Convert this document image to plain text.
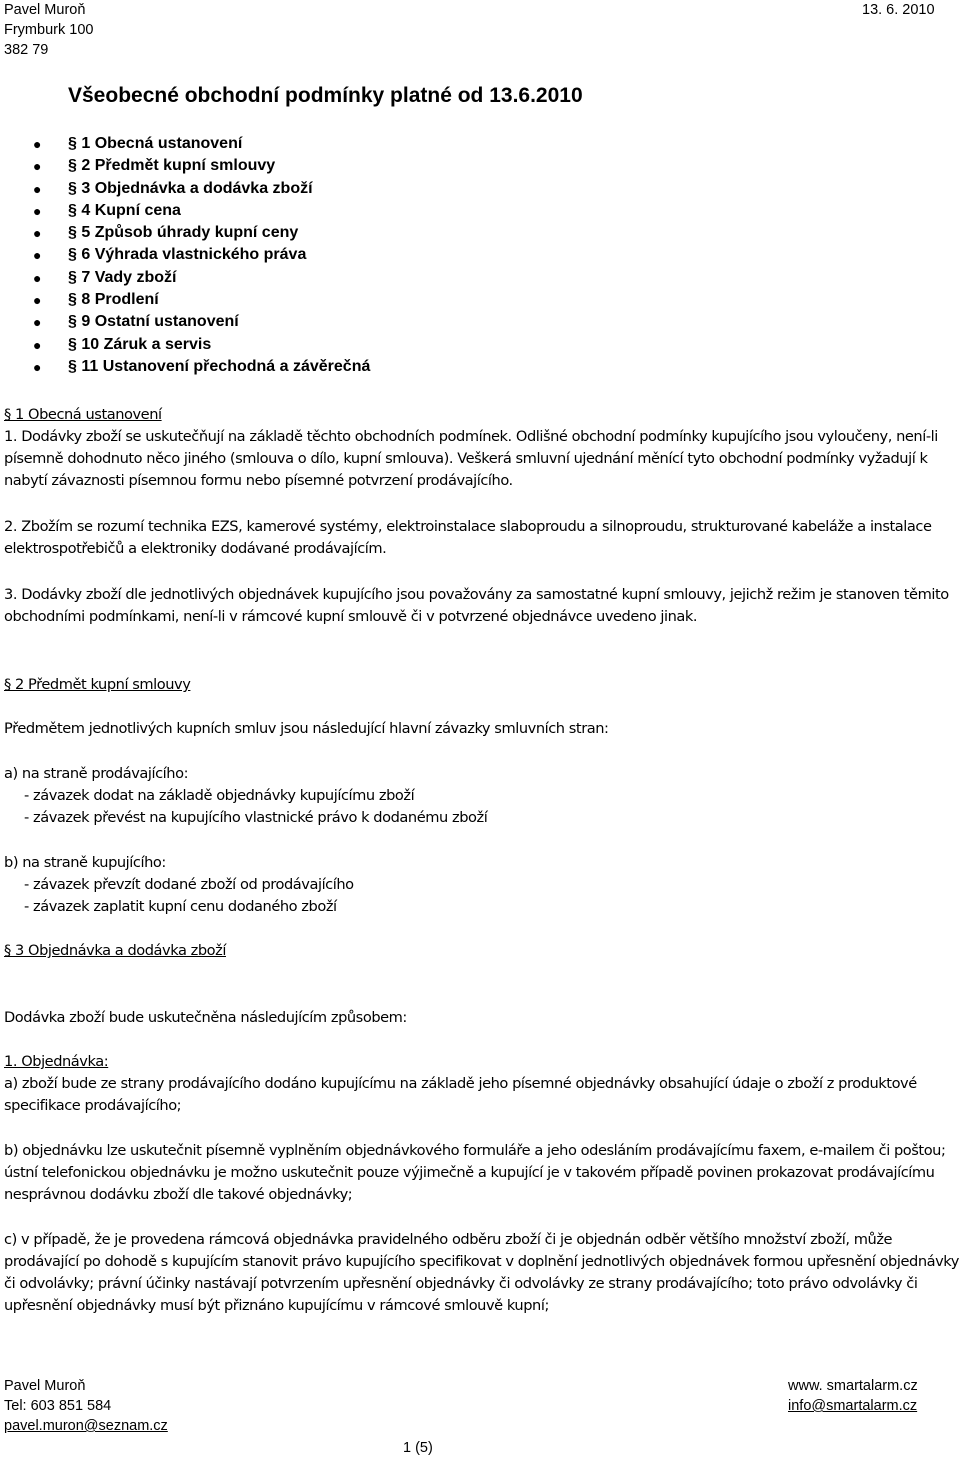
Pavel Muroň
Frymburk 100
382 79
13. 6. 2010
Všeobecné obchodní podmínky platné od 13.6.2010
● § 1 Obecná ustanovení
● § 2 Předmět kupní smlouvy
● § 3 Objednávka a dodávka zboží
● § 4 Kupní cena
● § 5 Způsob úhrady kupní ceny
● § 6 Výhrada vlastnického práva
● § 7 Vady zboží
● § 8 Prodlení
● § 9 Ostatní ustanovení
● § 10 Záruk a servis
● § 11 Ustanovení přechodná a závěrečná
§ 1 Obecná ustanovení
1. Dodávky zboží se uskutečňují na základě těchto obchodních podmínek. Odlišné obchodní podmínky kupujícího jsou vyloučeny, není-li písemně dohodnuto něco jiného (smlouva o dílo, kupní smlouva). Veškerá smluvní ujednání měnící tyto obchodní podmínky vyžadují k nabytí závaznosti písemnou formu nebo písemné potvrzení prodávajícího.
2. Zbožím se rozumí technika EZS, kamerové systémy, elektroinstalace slaboproudu a silnoproudu, strukturované kabeláže a instalace elektrospotřebičů a elektroniky dodávané prodávajícím.
3. Dodávky zboží dle jednotlivých objednávek kupujícího jsou považovány za samostatné kupní smlouvy, jejichž režim je stanoven těmito obchodními podmínkami, není-li v rámcové kupní smlouvě či v potvrzené objednávce uvedeno jinak.
§ 2 Předmět kupní smlouvy
Předmětem jednotlivých kupních smluv jsou následující hlavní závazky smluvních stran:
a) na straně prodávajícího:
- závazek dodat na základě objednávky kupujícímu zboží
- závazek převést na kupujícího vlastnické právo k dodanému zboží
b) na straně kupujícího:
- závazek převzít dodané zboží od prodávajícího
- závazek zaplatit kupní cenu dodaného zboží
§ 3 Objednávka a dodávka zboží
Dodávka zboží bude uskutečněna následujícím způsobem:
1. Objednávka:
a) zboží bude ze strany prodávajícího dodáno kupujícímu na základě jeho písemné objednávky obsahující údaje o zboží z produktové specifikace prodávajícího;
b) objednávku lze uskutečnit písemně vyplněním objednávkového formuláře a jeho odesláním prodávajícímu faxem, e-mailem či poštou; ústní telefonickou objednávku je možno uskutečnit pouze výjimečně a kupující je v takovém případě povinen prokazovat prodávajícímu nesprávnou dodávku zboží dle takové objednávky;
c) v případě, že je provedena rámcová objednávka pravidelného odběru zboží či je objednán odběr většího množství zboží, může prodávající po dohodě s kupujícím stanovit právo kupujícího specifikovat v doplnění jednotlivých objednávek formou upřesnění objednávky či odvolávky; právní účinky nastávají potvrzením upřesnění objednávky či odvolávky ze strany prodávajícího; toto právo odvolávky či upřesnění objednávky musí být přiznáno kupujícímu v rámcové smlouvě kupní;
Pavel Muroň
Tel: 603 851 584
pavel.muron@seznam.cz
www. smartalarm.cz
info@smartalarm.cz
1 (5)
